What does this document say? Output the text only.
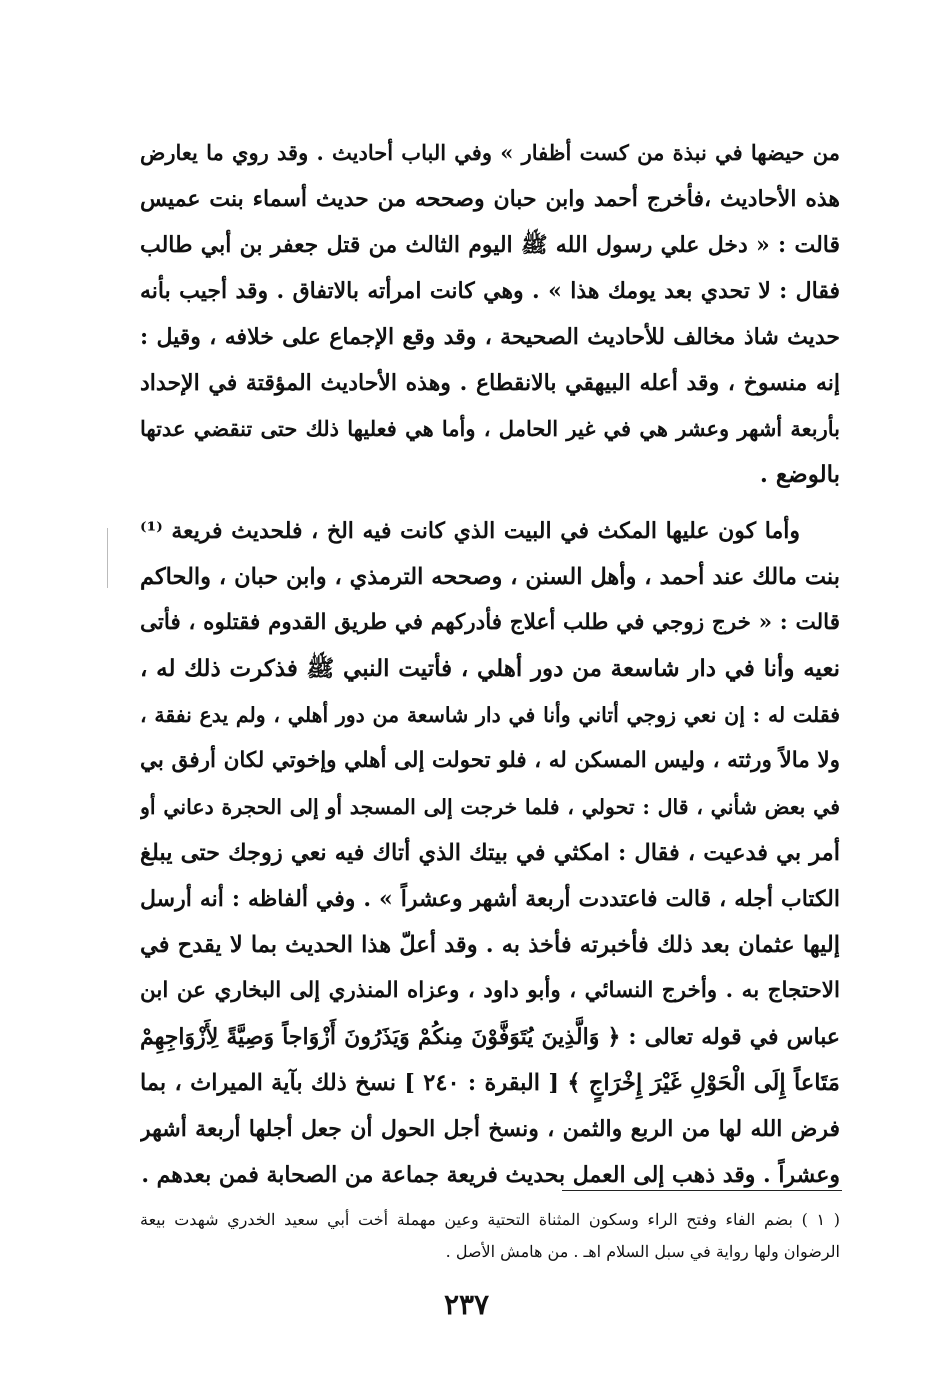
من حيضها في نبذة من كست أظفار » وفي الباب أحاديث . وقد روي ما يعارض
هذه الأحاديث ،فأخرج أحمد وابن حبان وصححه من حديث أسماء بنت عميس
قالت : « دخل علي رسول الله ﷺ اليوم الثالث من قتل جعفر بن أبي طالب
فقال : لا تحدي بعد يومك هذا » . وهي كانت امرأته بالاتفاق . وقد أجيب بأنه
حديث شاذ مخالف للأحاديث الصحيحة ، وقد وقع الإجماع على خلافه ، وقيل :
إنه منسوخ ، وقد أعله البيهقي بالانقطاع . وهذه الأحاديث المؤقتة في الإحداد
بأربعة أشهر وعشر هي في غير الحامل ، وأما هي فعليها ذلك حتى تنقضي عدتها
بالوضع .
وأما كون عليها المكث في البيت الذي كانت فيه الخ ، فلحديث فريعة ⁽¹⁾
بنت مالك عند أحمد ، وأهل السنن ، وصححه الترمذي ، وابن حبان ، والحاكم
قالت : « خرج زوجي في طلب أعلاج فأدركهم في طريق القدوم فقتلوه ، فأتى
نعيه وأنا في دار شاسعة من دور أهلي ، فأتيت النبي ﷺ فذكرت ذلك له ،
فقلت له : إن نعي زوجي أتاني وأنا في دار شاسعة من دور أهلي ، ولم يدع نفقة ،
ولا مالاً ورثته ، وليس المسكن له ، فلو تحولت إلى أهلي وإخوتي لكان أرفق بي
في بعض شأني ، قال : تحولي ، فلما خرجت إلى المسجد أو إلى الحجرة دعاني أو
أمر بي فدعيت ، فقال : امكثي في بيتك الذي أتاك فيه نعي زوجك حتى يبلغ
الكتاب أجله ، قالت فاعتددت أربعة أشهر وعشراً » . وفي ألفاظه : أنه أرسل
إليها عثمان بعد ذلك فأخبرته فأخذ به . وقد أعلّ هذا الحديث بما لا يقدح في
الاحتجاج به . وأخرج النسائي ، وأبو داود ، وعزاه المنذري إلى البخاري عن ابن
عباس في قوله تعالى : ﴿ وَالَّذِينَ يُتَوَفَّوْنَ مِنكُمْ وَيَذَرُونَ أَزْوَاجاً وَصِيَّةً لِأَزْوَاجِهِمْ
مَتَاعاً إِلَى الْحَوْلِ غَيْرَ إِخْرَاجٍ ﴾ [ البقرة : ٢٤٠ ] نسخ ذلك بآية الميراث ، بما
فرض الله لها من الربع والثمن ، ونسخ أجل الحول أن جعل أجلها أربعة أشهر
وعشراً . وقد ذهب إلى العمل بحديث فريعة جماعة من الصحابة فمن بعدهم .
( ١ ) بضم الفاء وفتح الراء وسكون المثناة التحتية وعين مهملة أخت أبي سعيد الخدري شهدت بيعة
الرضوان ولها رواية في سبل السلام اهـ . من هامش الأصل .
٢٣٧
